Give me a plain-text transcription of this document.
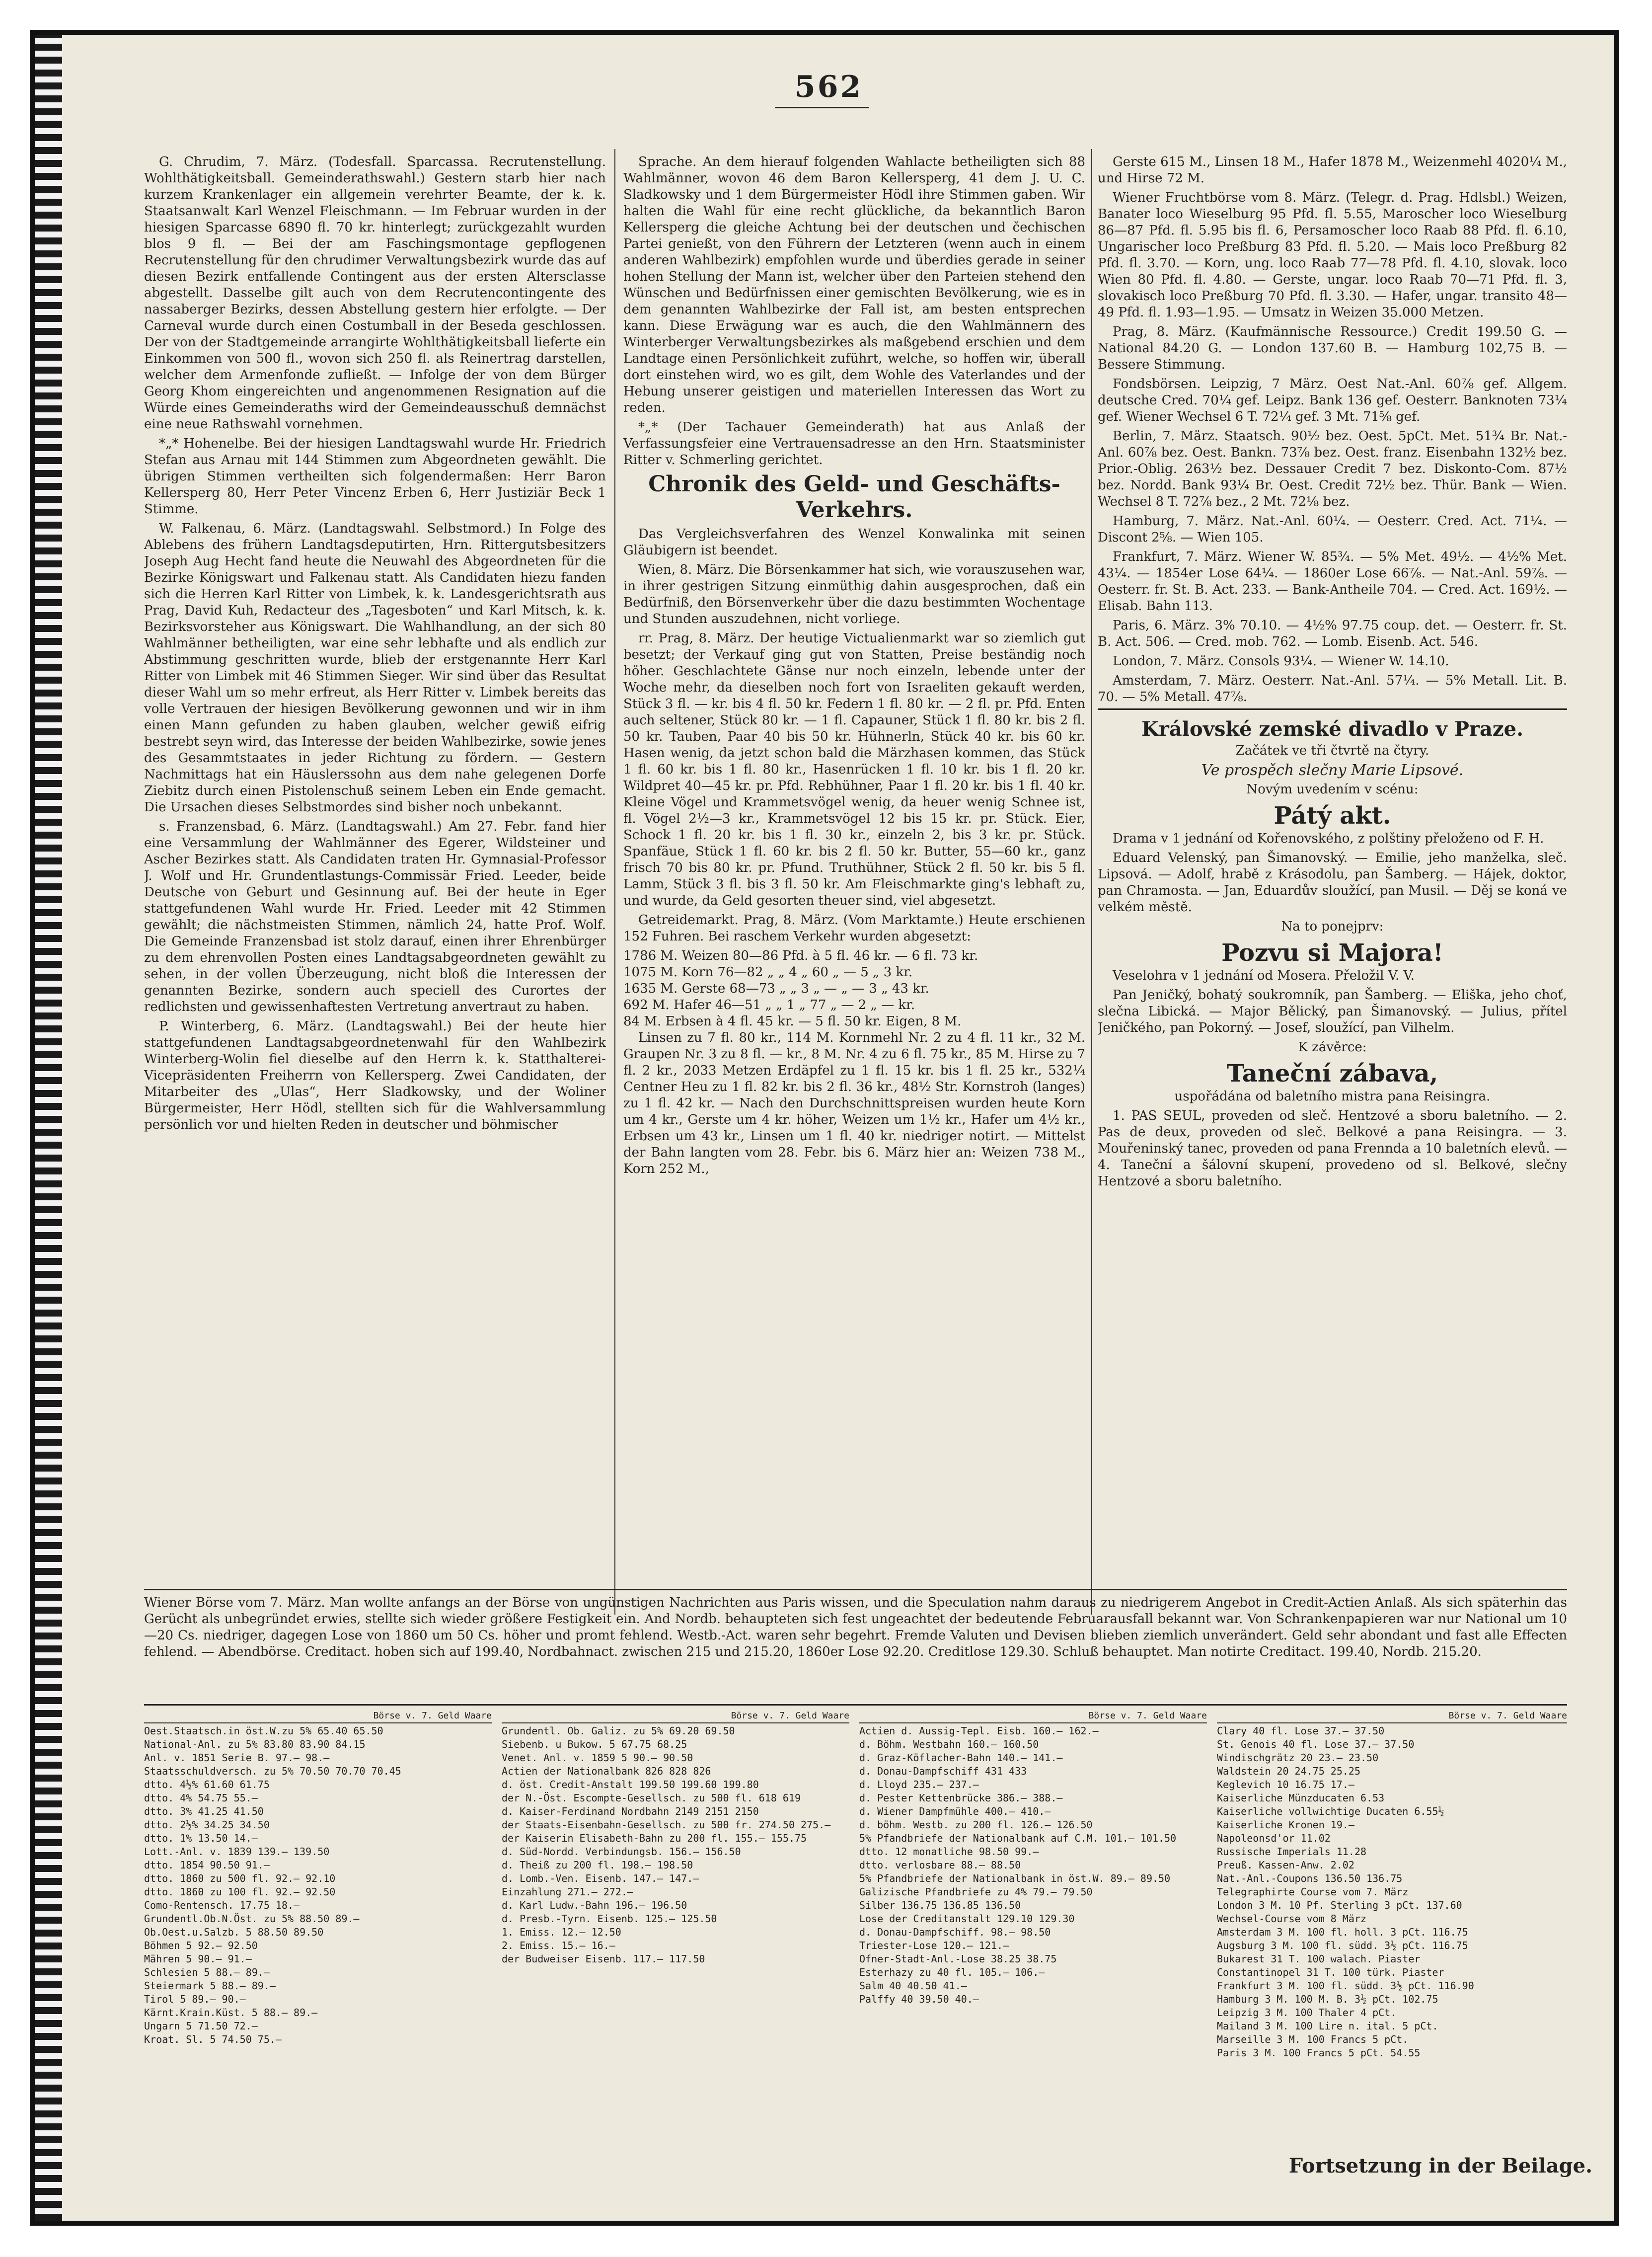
562

G. Chrudim, 7. März. (Todesfall. Sparcassa. Recrutenstellung. Wohlthätigkeitsball. Gemeinderathswahl.) Gestern starb hier nach kurzem Krankenlager ein allgemein verehrter Beamte, der k. k. Staatsanwalt Karl Wenzel Fleischmann. — Im Februar wurden in der hiesigen Sparcasse 6890 fl. 70 kr. hinterlegt; zurückgezahlt wurden blos 9 fl. — Bei der am Faschingsmontage gepflogenen Recrutenstellung für den chrudimer Verwaltungsbezirk wurde das auf diesen Bezirk entfallende Contingent aus der ersten Altersclasse abgestellt. Dasselbe gilt auch von dem Recrutencontingente des nassaberger Bezirks, dessen Abstellung gestern hier erfolgte. — Der Carneval wurde durch einen Costumball in der Beseda geschlossen. Der von der Stadtgemeinde arrangirte Wohlthätigkeitsball lieferte ein Einkommen von 500 fl., wovon sich 250 fl. als Reinertrag darstellen, welcher dem Armenfonde zufließt. — Infolge der von dem Bürger Georg Khom eingereichten und angenommenen Resignation auf die Würde eines Gemeinderaths wird der Gemeindeausschuß demnächst eine neue Rathswahl vornehmen.

*„* Hohenelbe. Bei der hiesigen Landtagswahl wurde Hr. Friedrich Stefan aus Arnau mit 144 Stimmen zum Abgeordneten gewählt. Die übrigen Stimmen vertheilten sich folgendermaßen: Herr Baron Kellersperg 80, Herr Peter Vincenz Erben 6, Herr Justiziär Beck 1 Stimme.

W. Falkenau, 6. März. (Landtagswahl. Selbstmord.) In Folge des Ablebens des frühern Landtagsdeputirten, Hrn. Rittergutsbesitzers Joseph Aug Hecht fand heute die Neuwahl des Abgeordneten für die Bezirke Königswart und Falkenau statt. Als Candidaten hiezu fanden sich die Herren Karl Ritter von Limbek, k. k. Landesgerichtsrath aus Prag, David Kuh, Redacteur des „Tagesboten“ und Karl Mitsch, k. k. Bezirksvorsteher aus Königswart. Die Wahlhandlung, an der sich 80 Wahlmänner betheiligten, war eine sehr lebhafte und als endlich zur Abstimmung geschritten wurde, blieb der erstgenannte Herr Karl Ritter von Limbek mit 46 Stimmen Sieger. Wir sind über das Resultat dieser Wahl um so mehr erfreut, als Herr Ritter v. Limbek bereits das volle Vertrauen der hiesigen Bevölkerung gewonnen und wir in ihm einen Mann gefunden zu haben glauben, welcher gewiß eifrig bestrebt seyn wird, das Interesse der beiden Wahlbezirke, sowie jenes des Gesammtstaates in jeder Richtung zu fördern. — Gestern Nachmittags hat ein Häuslerssohn aus dem nahe gelegenen Dorfe Ziebitz durch einen Pistolenschuß seinem Leben ein Ende gemacht. Die Ursachen dieses Selbstmordes sind bisher noch unbekannt.

s. Franzensbad, 6. März. (Landtagswahl.) Am 27. Febr. fand hier eine Versammlung der Wahlmänner des Egerer, Wildsteiner und Ascher Bezirkes statt. Als Candidaten traten Hr. Gymnasial-Professor J. Wolf und Hr. Grundentlastungs-Commissär Fried. Leeder, beide Deutsche von Geburt und Gesinnung auf. Bei der heute in Eger stattgefundenen Wahl wurde Hr. Fried. Leeder mit 42 Stimmen gewählt; die nächstmeisten Stimmen, nämlich 24, hatte Prof. Wolf. Die Gemeinde Franzensbad ist stolz darauf, einen ihrer Ehrenbürger zu dem ehrenvollen Posten eines Landtagsabgeordneten gewählt zu sehen, in der vollen Überzeugung, nicht bloß die Interessen der genannten Bezirke, sondern auch speciell des Curortes der redlichsten und gewissenhaftesten Vertretung anvertraut zu haben.

P. Winterberg, 6. März. (Landtagswahl.) Bei der heute hier stattgefundenen Landtagsabgeordnetenwahl für den Wahlbezirk Winterberg-Wolin fiel dieselbe auf den Herrn k. k. Statthalterei-Vicepräsidenten Freiherrn von Kellersperg. Zwei Candidaten, der Mitarbeiter des „Ulas“, Herr Sladkowsky, und der Woliner Bürgermeister, Herr Hödl, stellten sich für die Wahlversammlung persönlich vor und hielten Reden in deutscher und böhmischer

Sprache. An dem hierauf folgenden Wahlacte betheiligten sich 88 Wahlmänner, wovon 46 dem Baron Kellersperg, 41 dem J. U. C. Sladkowsky und 1 dem Bürgermeister Hödl ihre Stimmen gaben. Wir halten die Wahl für eine recht glückliche, da bekanntlich Baron Kellersperg die gleiche Achtung bei der deutschen und čechischen Partei genießt, von den Führern der Letzteren (wenn auch in einem anderen Wahlbezirk) empfohlen wurde und überdies gerade in seiner hohen Stellung der Mann ist, welcher über den Parteien stehend den Wünschen und Bedürfnissen einer gemischten Bevölkerung, wie es in dem genannten Wahlbezirke der Fall ist, am besten entsprechen kann. Diese Erwägung war es auch, die den Wahlmännern des Winterberger Verwaltungsbezirkes als maßgebend erschien und dem Landtage einen Persönlichkeit zuführt, welche, so hoffen wir, überall dort einstehen wird, wo es gilt, dem Wohle des Vaterlandes und der Hebung unserer geistigen und materiellen Interessen das Wort zu reden.

*„* (Der Tachauer Gemeinderath) hat aus Anlaß der Verfassungsfeier eine Vertrauensadresse an den Hrn. Staatsminister Ritter v. Schmerling gerichtet.

Chronik des Geld- und Geschäfts-Verkehrs.

Das Vergleichsverfahren des Wenzel Konwalinka mit seinen Gläubigern ist beendet.

Wien, 8. März. Die Börsenkammer hat sich, wie vorauszusehen war, in ihrer gestrigen Sitzung einmüthig dahin ausgesprochen, daß ein Bedürfniß, den Börsenverkehr über die dazu bestimmten Wochentage und Stunden auszudehnen, nicht vorliege.

rr. Prag, 8. März. Der heutige Victualienmarkt war so ziemlich gut besetzt; der Verkauf ging gut von Statten, Preise beständig noch höher. Geschlachtete Gänse nur noch einzeln, lebende unter der Woche mehr, da dieselben noch fort von Israeliten gekauft werden, Stück 3 fl. — kr. bis 4 fl. 50 kr. Federn 1 fl. 80 kr. — 2 fl. pr. Pfd. Enten auch seltener, Stück 80 kr. — 1 fl. Capauner, Stück 1 fl. 80 kr. bis 2 fl. 50 kr. Tauben, Paar 40 bis 50 kr. Hühnerln, Stück 40 kr. bis 60 kr. Hasen wenig, da jetzt schon bald die Märzhasen kommen, das Stück 1 fl. 60 kr. bis 1 fl. 80 kr., Hasenrücken 1 fl. 10 kr. bis 1 fl. 20 kr. Wildpret 40—45 kr. pr. Pfd. Rebhühner, Paar 1 fl. 20 kr. bis 1 fl. 40 kr. Kleine Vögel und Krammetsvögel wenig, da heuer wenig Schnee ist, fl. Vögel 2½—3 kr., Krammetsvögel 12 bis 15 kr. pr. Stück. Eier, Schock 1 fl. 20 kr. bis 1 fl. 30 kr., einzeln 2, bis 3 kr. pr. Stück. Spanfäue, Stück 1 fl. 60 kr. bis 2 fl. 50 kr. Butter, 55—60 kr., ganz frisch 70 bis 80 kr. pr. Pfund. Truthühner, Stück 2 fl. 50 kr. bis 5 fl. Lamm, Stück 3 fl. bis 3 fl. 50 kr. Am Fleischmarkte ging's lebhaft zu, und wurde, da Geld gesorten theuer sind, viel abgesetzt.

Getreidemarkt. Prag, 8. März. (Vom Marktamte.) Heute erschienen 152 Fuhren. Bei raschem Verkehr wurden abgesetzt:

1786 M. Weizen 80—86 Pfd. à 5 fl. 46 kr. — 6 fl. 73 kr.
1075 M. Korn 76—82 „ „ 4 „ 60 „ — 5 „ 3 kr.
1635 M. Gerste 68—73 „ „ 3 „ — „ — 3 „ 43 kr.
692 M. Hafer 46—51 „ „ 1 „ 77 „ — 2 „ — kr.
84 M. Erbsen à 4 fl. 45 kr. — 5 fl. 50 kr. Eigen, 8 M.

Linsen zu 7 fl. 80 kr., 114 M. Kornmehl Nr. 2 zu 4 fl. 11 kr., 32 M. Graupen Nr. 3 zu 8 fl. — kr., 8 M. Nr. 4 zu 6 fl. 75 kr., 85 M. Hirse zu 7 fl. 2 kr., 2033 Metzen Erdäpfel zu 1 fl. 15 kr. bis 1 fl. 25 kr., 532¼ Centner Heu zu 1 fl. 82 kr. bis 2 fl. 36 kr., 48½ Str. Kornstroh (langes) zu 1 fl. 42 kr. — Nach den Durchschnittspreisen wurden heute Korn um 4 kr., Gerste um 4 kr. höher, Weizen um 1½ kr., Hafer um 4½ kr., Erbsen um 43 kr., Linsen um 1 fl. 40 kr. niedriger notirt. — Mittelst der Bahn langten vom 28. Febr. bis 6. März hier an: Weizen 738 M., Korn 252 M.,

Gerste 615 M., Linsen 18 M., Hafer 1878 M., Weizenmehl 4020¼ M., und Hirse 72 M.

Wiener Fruchtbörse vom 8. März. (Telegr. d. Prag. Hdlsbl.) Weizen, Banater loco Wieselburg 95 Pfd. fl. 5.55, Maroscher loco Wieselburg 86—87 Pfd. fl. 5.95 bis fl. 6, Persamoscher loco Raab 88 Pfd. fl. 6.10, Ungarischer loco Preßburg 83 Pfd. fl. 5.20. — Mais loco Preßburg 82 Pfd. fl. 3.70. — Korn, ung. loco Raab 77—78 Pfd. fl. 4.10, slovak. loco Wien 80 Pfd. fl. 4.80. — Gerste, ungar. loco Raab 70—71 Pfd. fl. 3, slovakisch loco Preßburg 70 Pfd. fl. 3.30. — Hafer, ungar. transito 48—49 Pfd. fl. 1.93—1.95. — Umsatz in Weizen 35.000 Metzen.

Prag, 8. März. (Kaufmännische Ressource.) Credit 199.50 G. — National 84.20 G. — London 137.60 B. — Hamburg 102,75 B. — Bessere Stimmung.

Fondsbörsen. Leipzig, 7 März. Oest Nat.-Anl. 60⅞ gef. Allgem. deutsche Cred. 70¼ gef. Leipz. Bank 136 gef. Oesterr. Banknoten 73¼ gef. Wiener Wechsel 6 T. 72¼ gef. 3 Mt. 71⅝ gef.

Berlin, 7. März. Staatsch. 90½ bez. Oest. 5pCt. Met. 51¾ Br. Nat.-Anl. 60⅞ bez. Oest. Bankn. 73⅞ bez. Oest. franz. Eisenbahn 132½ bez. Prior.-Oblig. 263½ bez. Dessauer Credit 7 bez. Diskonto-Com. 87½ bez. Nordd. Bank 93¼ Br. Oest. Credit 72½ bez. Thür. Bank — Wien. Wechsel 8 T. 72⅞ bez., 2 Mt. 72⅛ bez.

Hamburg, 7. März. Nat.-Anl. 60¼. — Oesterr. Cred. Act. 71¼. — Discont 2⅝. — Wien 105.

Frankfurt, 7. März. Wiener W. 85¾. — 5% Met. 49½. — 4½% Met. 43¼. — 1854er Lose 64¼. — 1860er Lose 66⅞. — Nat.-Anl. 59⅞. — Oesterr. fr. St. B. Act. 233. — Bank-Antheile 704. — Cred. Act. 169½. — Elisab. Bahn 113.

Paris, 6. März. 3% 70.10. — 4½% 97.75 coup. det. — Oesterr. fr. St. B. Act. 506. — Cred. mob. 762. — Lomb. Eisenb. Act. 546.

London, 7. März. Consols 93¼. — Wiener W. 14.10.

Amsterdam, 7. März. Oesterr. Nat.-Anl. 57¼. — 5% Metall. Lit. B. 70. — 5% Metall. 47⅞.

Královské zemské divadlo v Praze.

Začátek ve tři čtvrtě na čtyry.

Ve prospěch slečny Marie Lipsové.

Novým uvedením v scénu:

Pátý akt.

Drama v 1 jednání od Kořenovského, z polštiny přeloženo od F. H.

Eduard Velenský, pan Šimanovský. — Emilie, jeho manželka, sleč. Lipsová. — Adolf, hrabě z Krásodolu, pan Šamberg. — Hájek, doktor, pan Chramosta. — Jan, Eduardův sloužící, pan Musil. — Děj se koná ve velkém městě.

Na to ponejprv:

Pozvu si Majora!

Veselohra v 1 jednání od Mosera. Přeložil V. V.

Pan Jeničký, bohatý soukromník, pan Šamberg. — Eliška, jeho choť, slečna Libická. — Major Bělický, pan Šimanovský. — Julius, přítel Jeničkého, pan Pokorný. — Josef, sloužící, pan Vilhelm.

K závěrce:

Taneční zábava,

uspořádána od baletního mistra pana Reisingra.

1. PAS SEUL, proveden od sleč. Hentzové a sboru baletního. — 2. Pas de deux, proveden od sleč. Belkové a pana Reisingra. — 3. Mouřeninský tanec, proveden od pana Frennda a 10 baletních elevů. — 4. Taneční a šálovní skupení, provedeno od sl. Belkové, slečny Hentzové a sboru baletního.

Wiener Börse vom 7. März. Man wollte anfangs an der Börse von ungünstigen Nachrichten aus Paris wissen, und die Speculation nahm daraus zu niedrigerem Angebot in Credit-Actien Anlaß. Als sich späterhin das Gerücht als unbegründet erwies, stellte sich wieder größere Festigkeit ein. And Nordb. behaupteten sich fest ungeachtet der bedeutende Februarausfall bekannt war. Von Schrankenpapieren war nur National um 10—20 Cs. niedriger, dagegen Lose von 1860 um 50 Cs. höher und promt fehlend. Westb.-Act. waren sehr begehrt. Fremde Valuten und Devisen blieben ziemlich unverändert. Geld sehr abondant und fast alle Effecten fehlend. — Abendbörse. Creditact. hoben sich auf 199.40, Nordbahnact. zwischen 215 und 215.20, 1860er Lose 92.20. Creditlose 129.30. Schluß behauptet. Man notirte Creditact. 199.40, Nordb. 215.20.
Börse v. 7. Geld Waare
Oest.Staatsch.in öst.W.zu 5% 65.40 65.50
National-Anl. zu 5% 83.80 83.90 84.15
Anl. v. 1851 Serie B. 97.— 98.—
Staatsschuldversch. zu 5% 70.50 70.70 70.45
dtto. 4½% 61.60 61.75
dtto. 4% 54.75 55.—
dtto. 3% 41.25 41.50
dtto. 2½% 34.25 34.50
dtto. 1% 13.50 14.—
Lott.-Anl. v. 1839 139.— 139.50
dtto. 1854 90.50 91.—
dtto. 1860 zu 500 fl. 92.— 92.10
dtto. 1860 zu 100 fl. 92.— 92.50
Como-Rentensch. 17.75 18.—
Grundentl.Ob.N.Öst. zu 5% 88.50 89.—
Ob.Oest.u.Salzb. 5 88.50 89.50
Böhmen 5 92.— 92.50
Mähren 5 90.— 91.—
Schlesien 5 88.— 89.—
Steiermark 5 88.— 89.—
Tirol 5 89.— 90.—
Kärnt.Krain.Küst. 5 88.— 89.—
Ungarn 5 71.50 72.—
Kroat. Sl. 5 74.50 75.—
Börse v. 7. Geld Waare
Grundentl. Ob. Galiz. zu 5% 69.20 69.50
Siebenb. u Bukow. 5 67.75 68.25
Venet. Anl. v. 1859 5 90.— 90.50
Actien der Nationalbank 826 828 826
d. öst. Credit-Anstalt 199.50 199.60 199.80
der N.-Öst. Escompte-Gesellsch. zu 500 fl. 618 619
d. Kaiser-Ferdinand Nordbahn 2149 2151 2150
der Staats-Eisenbahn-Gesellsch. zu 500 fr. 274.50 275.—
der Kaiserin Elisabeth-Bahn zu 200 fl. 155.— 155.75
d. Süd-Nordd. Verbindungsb. 156.— 156.50
d. Theiß zu 200 fl. 198.— 198.50
d. Lomb.-Ven. Eisenb. 147.— 147.—
Einzahlung 271.— 272.—
d. Karl Ludw.-Bahn 196.— 196.50
d. Presb.-Tyrn. Eisenb. 125.— 125.50
1. Emiss. 12.— 12.50
2. Emiss. 15.— 16.—
der Budweiser Eisenb. 117.— 117.50
Börse v. 7. Geld Waare
Actien d. Aussig-Tepl. Eisb. 160.— 162.—
d. Böhm. Westbahn 160.— 160.50
d. Graz-Köflacher-Bahn 140.— 141.—
d. Donau-Dampfschiff 431 433
d. Lloyd 235.— 237.—
d. Pester Kettenbrücke 386.— 388.—
d. Wiener Dampfmühle 400.— 410.—
d. böhm. Westb. zu 200 fl. 126.— 126.50
5% Pfandbriefe der Nationalbank auf C.M. 101.— 101.50
dtto. 12 monatliche 98.50 99.—
dtto. verlosbare 88.— 88.50
5% Pfandbriefe der Nationalbank in öst.W. 89.— 89.50
Galizische Pfandbriefe zu 4% 79.— 79.50
Silber 136.75 136.85 136.50
Lose der Creditanstalt 129.10 129.30
d. Donau-Dampfschiff. 98.— 98.50
Triester-Lose 120.— 121.—
Ofner-Stadt-Anl.-Lose 38.25 38.75
Esterhazy zu 40 fl. 105.— 106.—
Salm 40 40.50 41.—
Palffy 40 39.50 40.—
Börse v. 7. Geld Waare
Clary 40 fl. Lose 37.— 37.50
St. Genois 40 fl. Lose 37.— 37.50
Windischgrätz 20 23.— 23.50
Waldstein 20 24.75 25.25
Keglevich 10 16.75 17.—
Kaiserliche Münzducaten 6.53
Kaiserliche vollwichtige Ducaten 6.55½
Kaiserliche Kronen 19.—
Napoleonsd'or 11.02
Russische Imperials 11.28
Preuß. Kassen-Anw. 2.02
Nat.-Anl.-Coupons 136.50 136.75
Telegraphirte Course vom 7. März
London 3 M. 10 Pf. Sterling 3 pCt. 137.60
Wechsel-Course vom 8 März
Amsterdam 3 M. 100 fl. holl. 3 pCt. 116.75
Augsburg 3 M. 100 fl. südd. 3½ pCt. 116.75
Bukarest 31 T. 100 walach. Piaster
Constantinopel 31 T. 100 türk. Piaster
Frankfurt 3 M. 100 fl. südd. 3½ pCt. 116.90
Hamburg 3 M. 100 M. B. 3½ pCt. 102.75
Leipzig 3 M. 100 Thaler 4 pCt.
Mailand 3 M. 100 Lire n. ital. 5 pCt.
Marseille 3 M. 100 Francs 5 pCt.
Paris 3 M. 100 Francs 5 pCt. 54.55
Fortsetzung in der Beilage.
